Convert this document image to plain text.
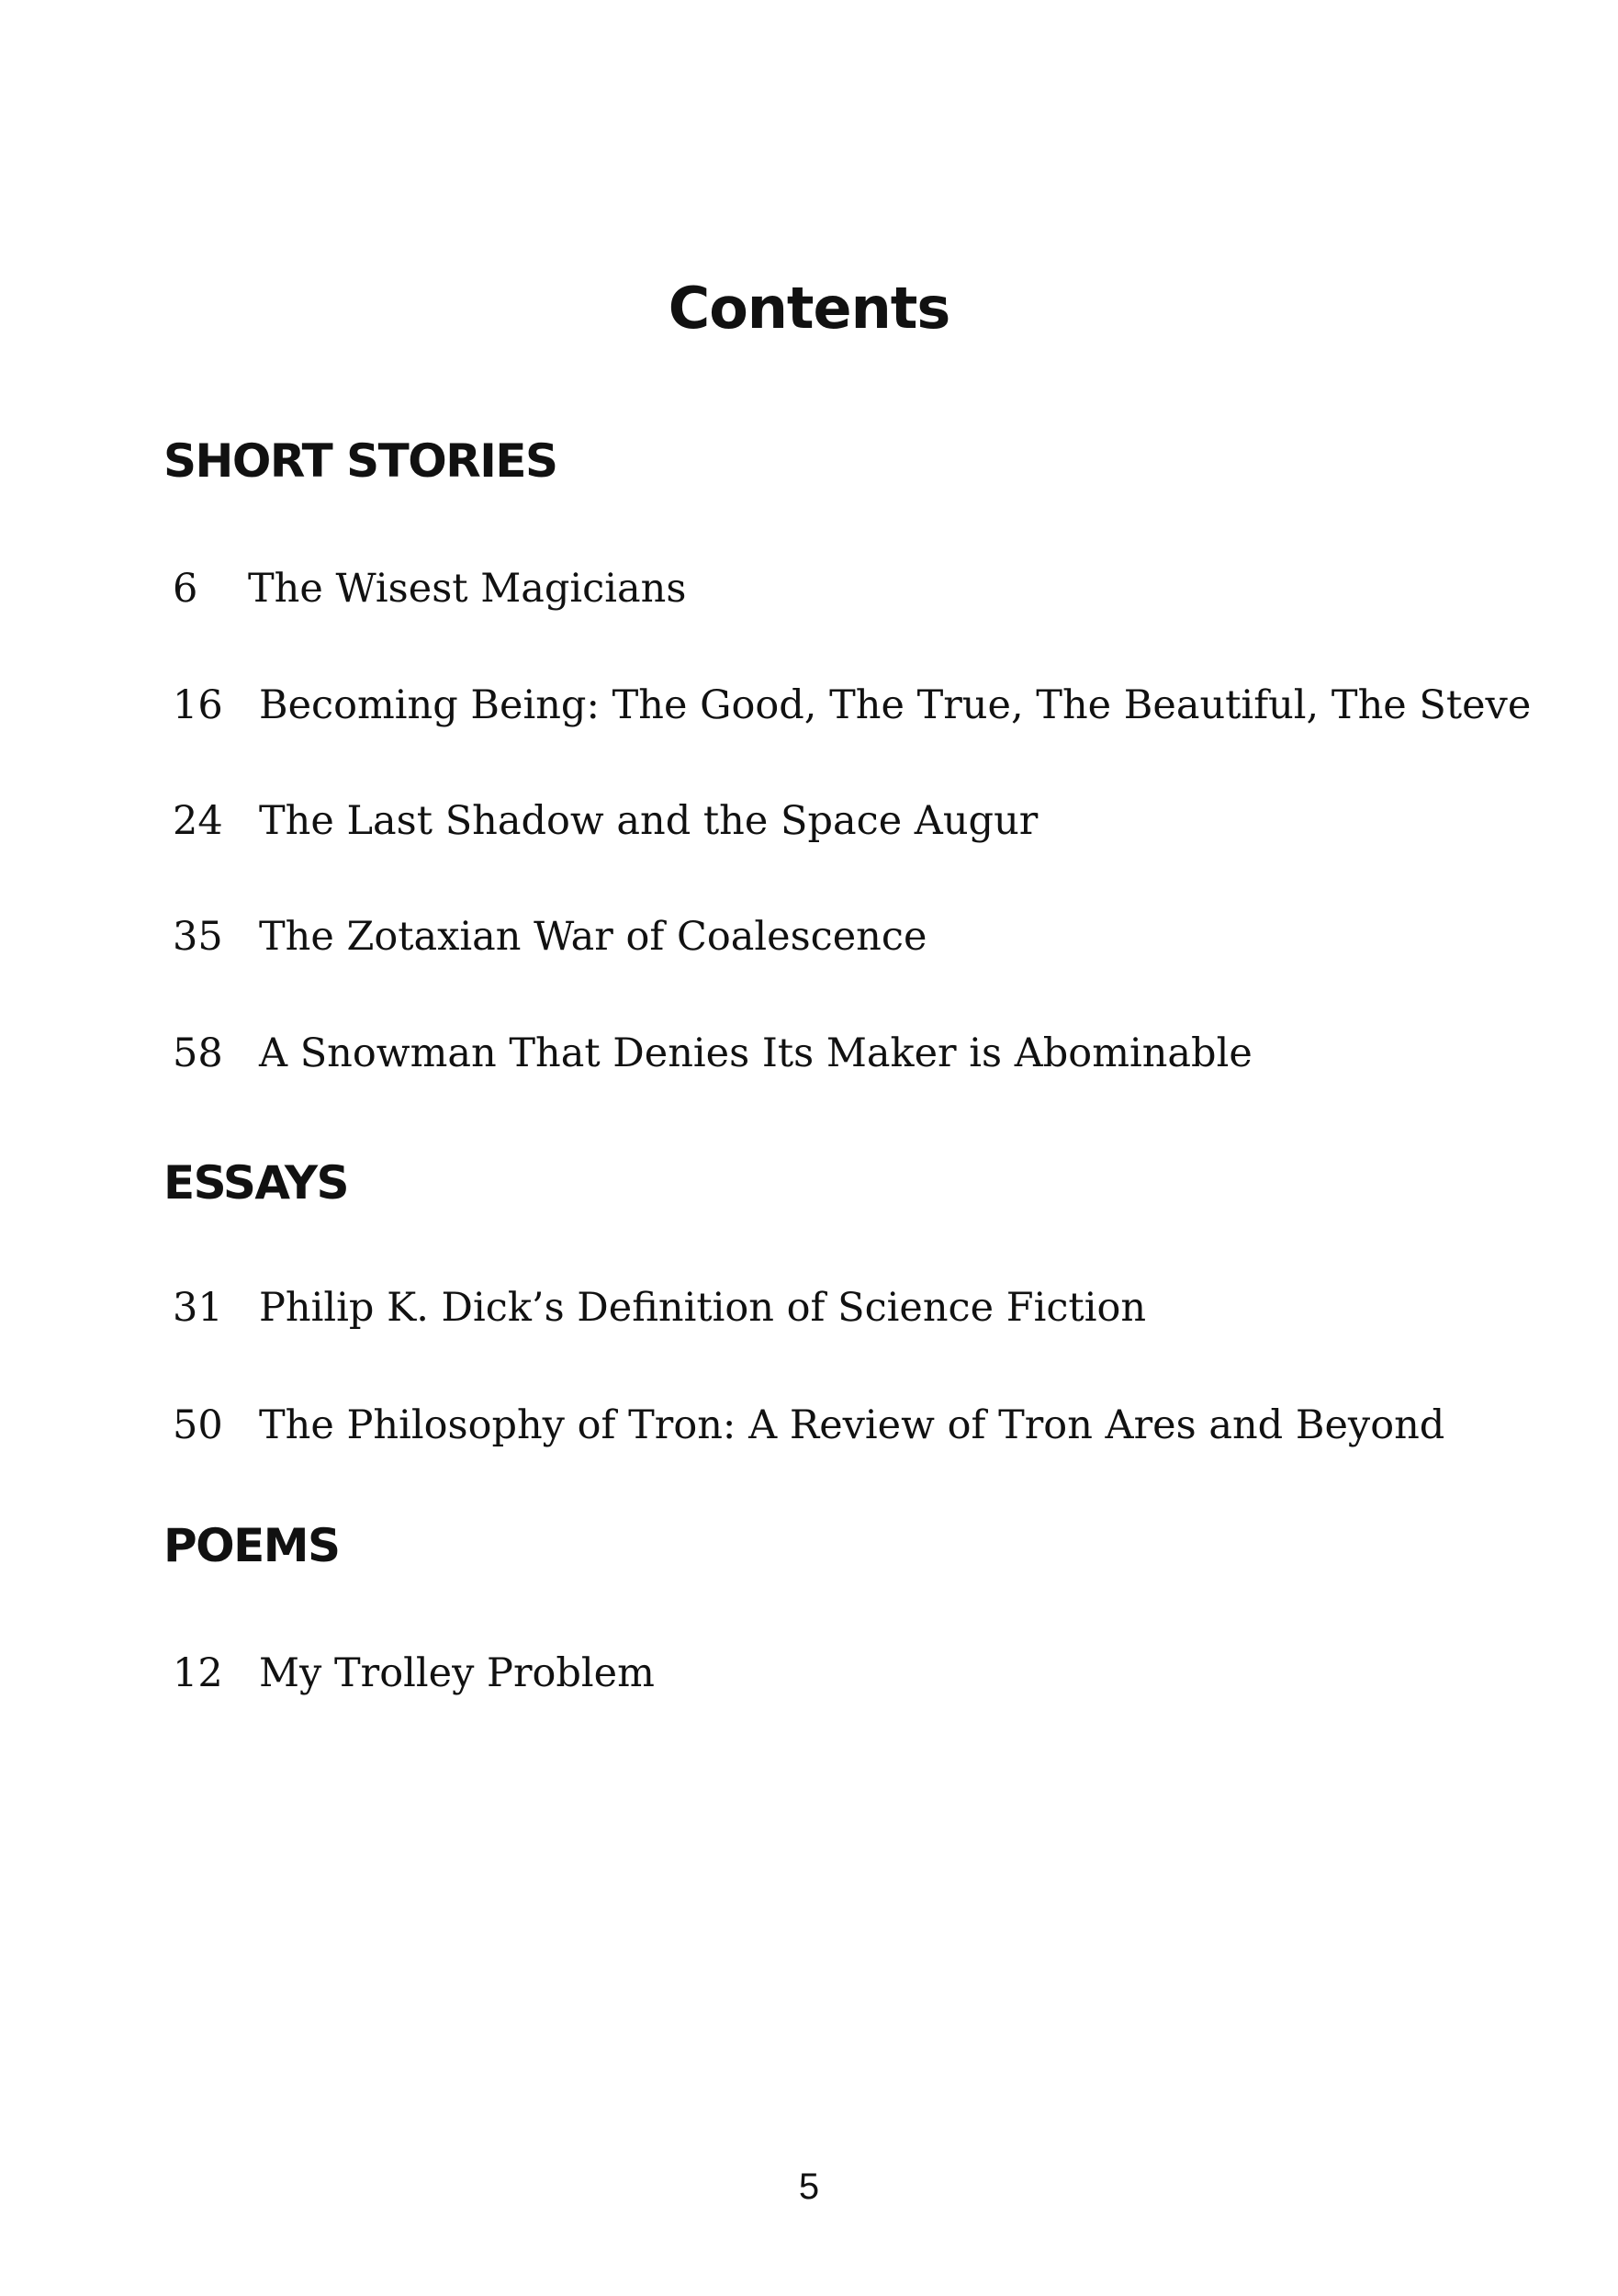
Contents
SHORT STORIES
6 The Wisest Magicians
16 Becoming Being: The Good, The True, The Beautiful, The Steve
24 The Last Shadow and the Space Augur
35 The Zotaxian War of Coalescence
58 A Snowman That Denies Its Maker is Abominable
ESSAYS
31 Philip K. Dick’s Definition of Science Fiction
50 The Philosophy of Tron: A Review of Tron Ares and Beyond
POEMS
12 My Trolley Problem
5
